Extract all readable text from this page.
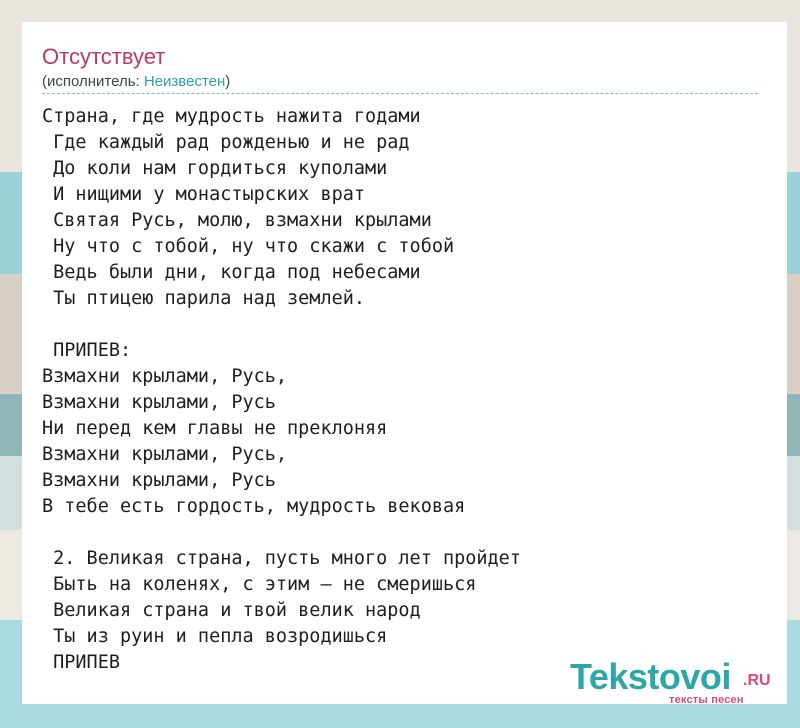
Отсутствует
(исполнитель: Неизвестен)
Страна, где мудрость нажита годами
Где каждый рад рожденью и не рад
До коли нам гордиться куполами
И нищими у монастырских врат
Святая Русь, молю, взмахни крылами
Ну что с тобой, ну что скажи с тобой
Ведь были дни, когда под небесами
Ты птицею парила над землей.

ПРИПЕВ:
Взмахни крылами, Русь,
Взмахни крылами, Русь
Ни перед кем главы не преклоняя
Взмахни крылами, Русь,
Взмахни крылами, Русь
В тебе есть гордость, мудрость вековая

2. Великая страна, пусть много лет пройдет
Быть на коленях, с этим – не смеришься
Великая страна и твой велик народ
Ты из руин и пепла возродишься
ПРИПЕВ	Tekstovoi .RU
тексты песен
